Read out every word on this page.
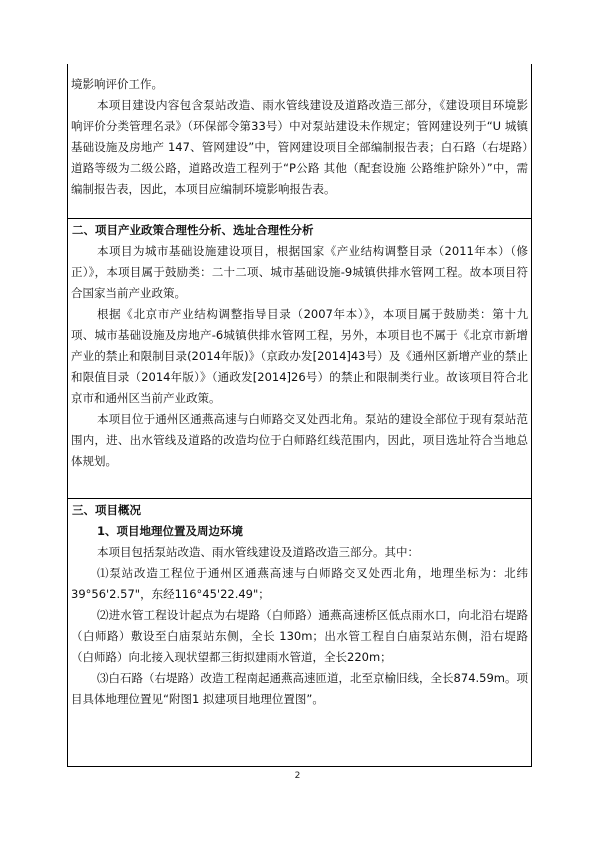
境影响评价工作。

本项目建设内容包含泵站改造、雨水管线建设及道路改造三部分，《建设项目环境影响评价分类管理名录》（环保部令第33号）中对泵站建设未作规定；管网建设列于“U 城镇基础设施及房地产 147、管网建设”中，管网建设项目全部编制报告表；白石路（右堤路）道路等级为二级公路，道路改造工程列于“P公路 其他（配套设施 公路维护除外）”中，需编制报告表，因此，本项目应编制环境影响报告表。

二、项目产业政策合理性分析、选址合理性分析

本项目为城市基础设施建设项目，根据国家《产业结构调整目录（2011年本）（修正）》，本项目属于鼓励类：二十二项、城市基础设施-9城镇供排水管网工程。故本项目符合国家当前产业政策。

根据《北京市产业结构调整指导目录（2007年本）》，本项目属于鼓励类：第十九项、城市基础设施及房地产-6城镇供排水管网工程，另外，本项目也不属于《北京市新增产业的禁止和限制目录(2014年版)》（京政办发[2014]43号）及《通州区新增产业的禁止和限值目录（2014年版）》（通政发[2014]26号）的禁止和限制类行业。故该项目符合北京市和通州区当前产业政策。

本项目位于通州区通燕高速与白师路交叉处西北角。泵站的建设全部位于现有泵站范围内，进、出水管线及道路的改造均位于白师路红线范围内，因此，项目选址符合当地总体规划。

三、项目概况

1、项目地理位置及周边环境

本项目包括泵站改造、雨水管线建设及道路改造三部分。其中：

⑴泵站改造工程位于通州区通燕高速与白师路交叉处西北角，地理坐标为：北纬39°56'2.57"，东经116°45'22.49"；

⑵进水管工程设计起点为右堤路（白师路）通燕高速桥区低点雨水口，向北沿右堤路（白师路）敷设至白庙泵站东侧，全长 130m；出水管工程自白庙泵站东侧，沿右堤路（白师路）向北接入现状望都三街拟建雨水管道，全长220m；

⑶白石路（右堤路）改造工程南起通燕高速匝道，北至京榆旧线，全长874.59m。项目具体地理位置见“附图1 拟建项目地理位置图”。

2
